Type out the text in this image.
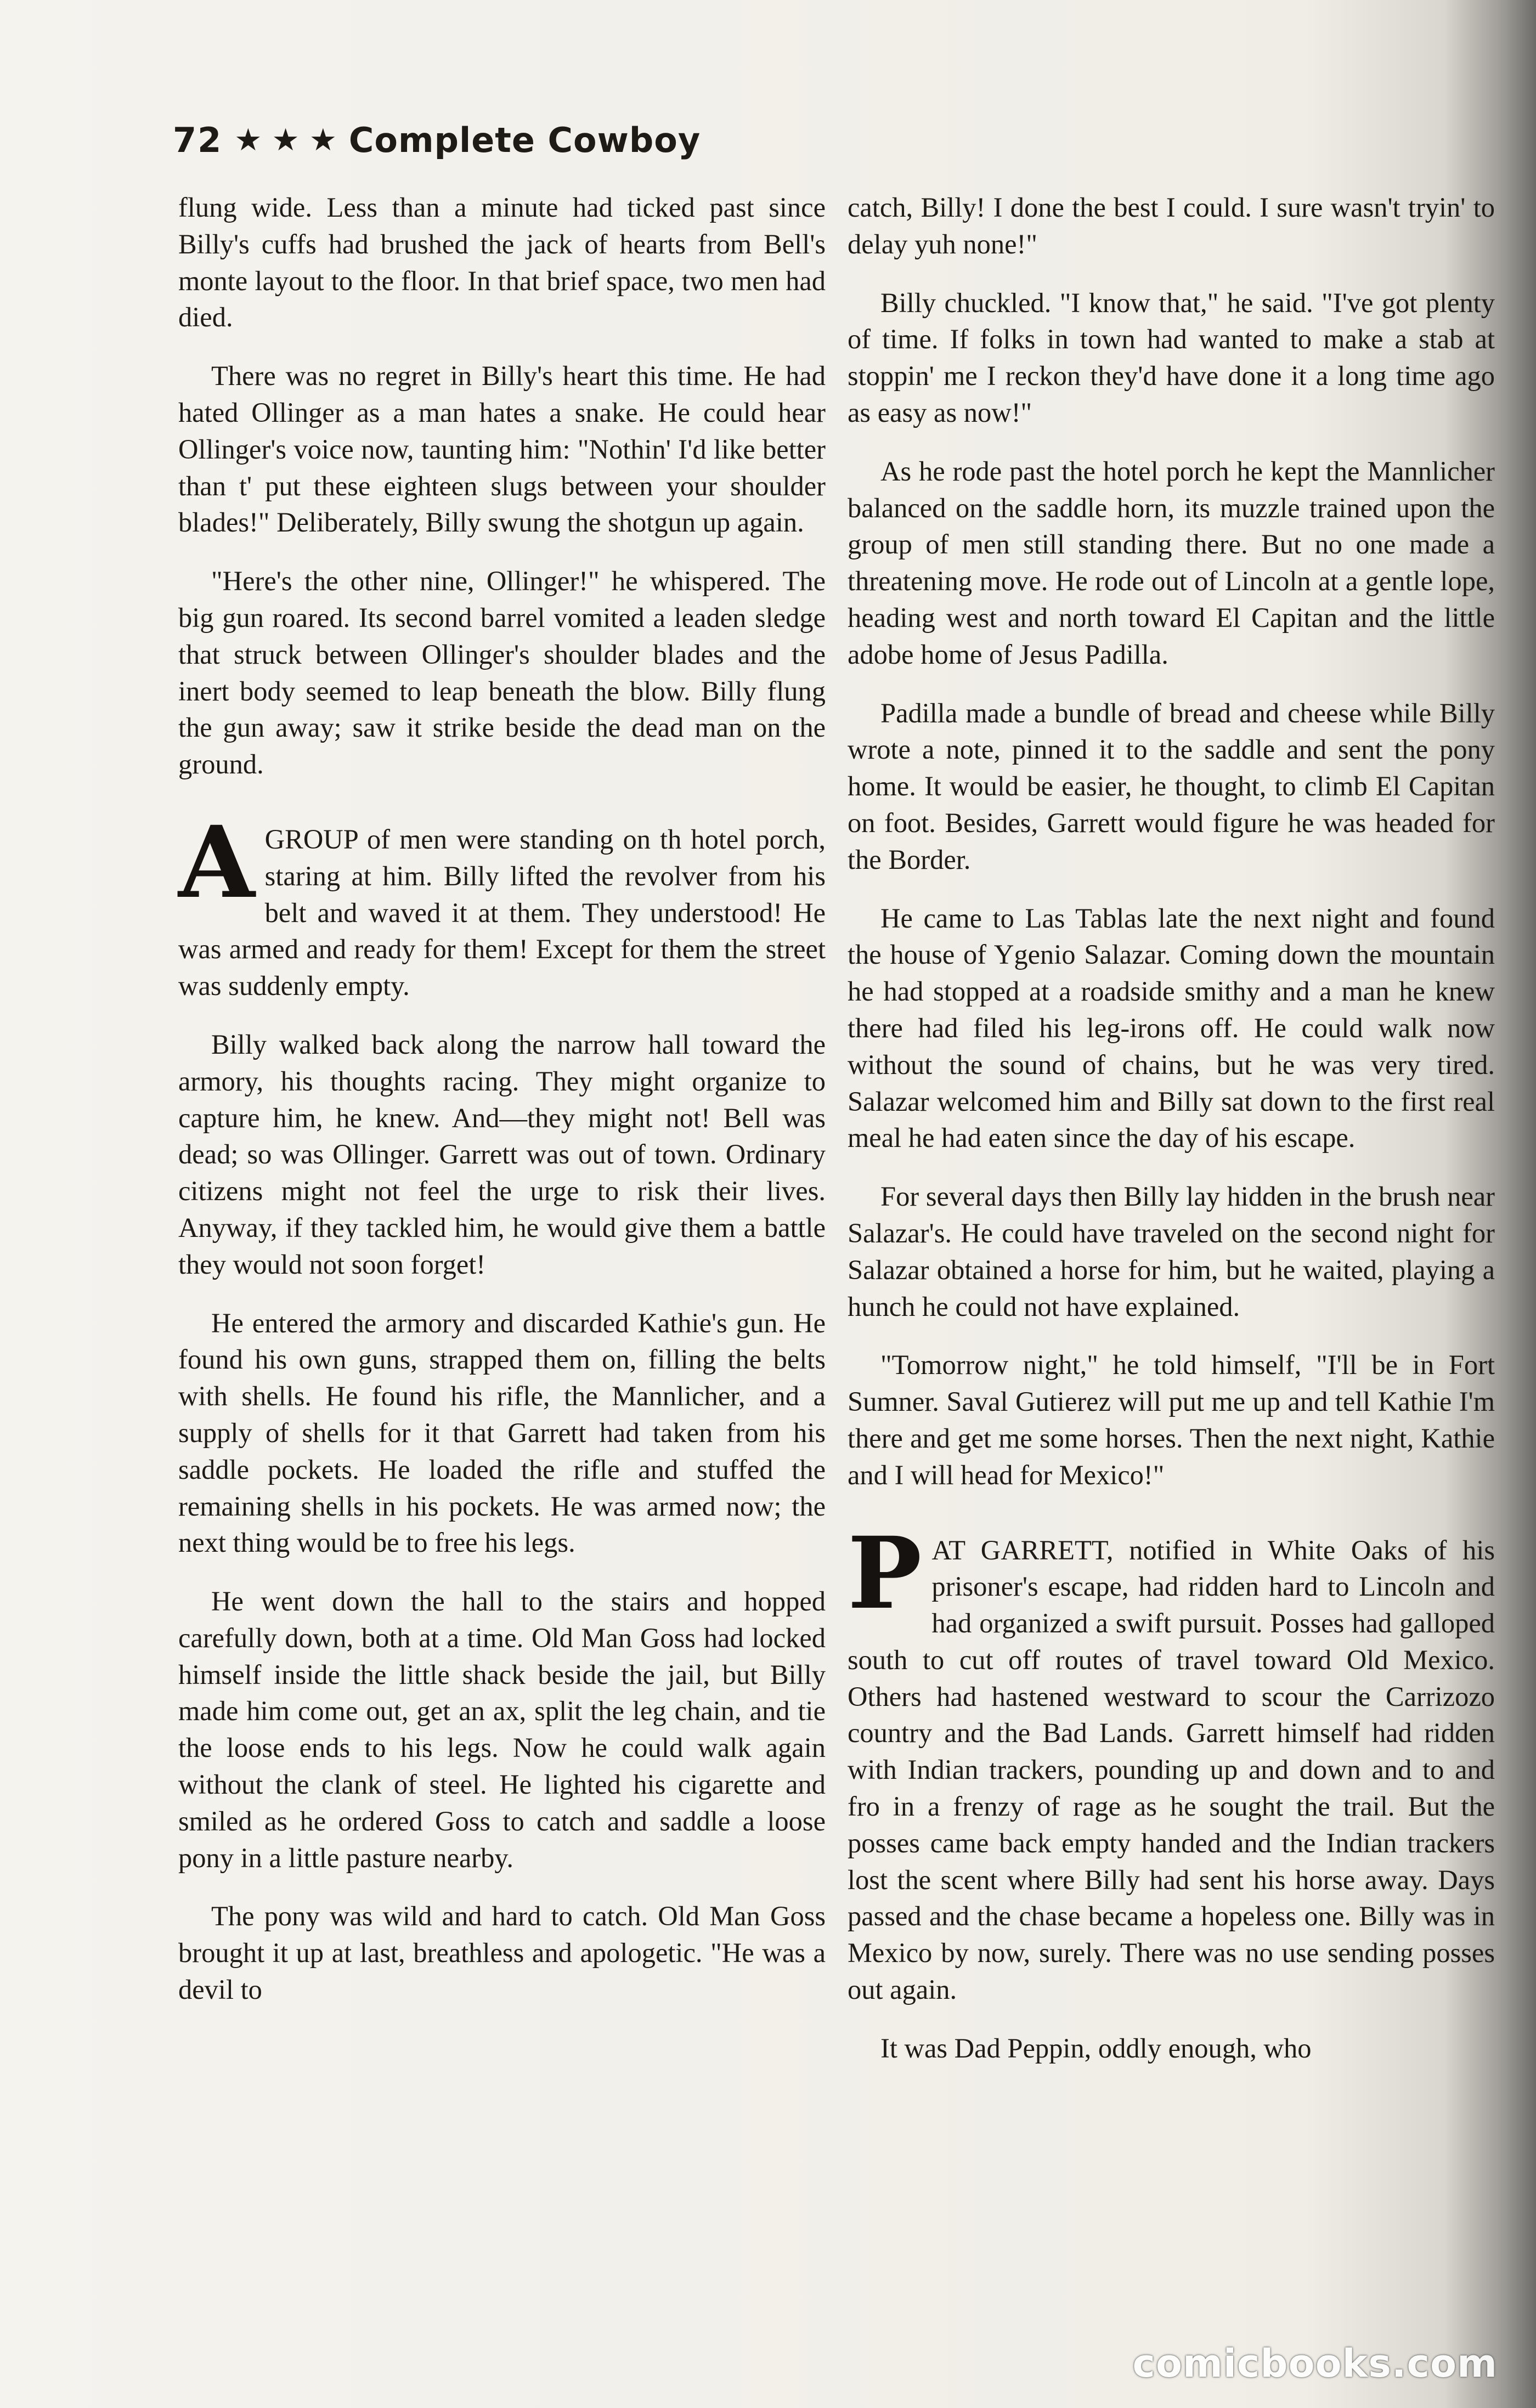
72 ★ ★ ★ Complete Cowboy

flung wide. Less than a minute had ticked past since Billy's cuffs had brushed the jack of hearts from Bell's monte layout to the floor. In that brief space, two men had died.

There was no regret in Billy's heart this time. He had hated Ollinger as a man hates a snake. He could hear Ollinger's voice now, taunting him: "Nothin' I'd like better than t' put these eighteen slugs between your shoulder blades!" Deliberately, Billy swung the shotgun up again.

"Here's the other nine, Ollinger!" he whispered. The big gun roared. Its second barrel vomited a leaden sledge that struck between Ollinger's shoulder blades and the inert body seemed to leap beneath the blow. Billy flung the gun away; saw it strike beside the dead man on the ground.

A GROUP of men were standing on th hotel porch, staring at him. Billy lifted the revolver from his belt and waved it at them. They understood! He was armed and ready for them! Except for them the street was suddenly empty.

Billy walked back along the narrow hall toward the armory, his thoughts racing. They might organize to capture him, he knew. And—they might not! Bell was dead; so was Ollinger. Garrett was out of town. Ordinary citizens might not feel the urge to risk their lives. Anyway, if they tackled him, he would give them a battle they would not soon forget!

He entered the armory and discarded Kathie's gun. He found his own guns, strapped them on, filling the belts with shells. He found his rifle, the Mannlicher, and a supply of shells for it that Garrett had taken from his saddle pockets. He loaded the rifle and stuffed the remaining shells in his pockets. He was armed now; the next thing would be to free his legs.

He went down the hall to the stairs and hopped carefully down, both at a time. Old Man Goss had locked himself inside the little shack beside the jail, but Billy made him come out, get an ax, split the leg chain, and tie the loose ends to his legs. Now he could walk again without the clank of steel. He lighted his cigarette and smiled as he ordered Goss to catch and saddle a loose pony in a little pasture nearby.

The pony was wild and hard to catch. Old Man Goss brought it up at last, breathless and apologetic. "He was a devil to

catch, Billy! I done the best I could. I sure wasn't tryin' to delay yuh none!"

Billy chuckled. "I know that," he said. "I've got plenty of time. If folks in town had wanted to make a stab at stoppin' me I reckon they'd have done it a long time ago as easy as now!"

As he rode past the hotel porch he kept the Mannlicher balanced on the saddle horn, its muzzle trained upon the group of men still standing there. But no one made a threatening move. He rode out of Lincoln at a gentle lope, heading west and north toward El Capitan and the little adobe home of Jesus Padilla.

Padilla made a bundle of bread and cheese while Billy wrote a note, pinned it to the saddle and sent the pony home. It would be easier, he thought, to climb El Capitan on foot. Besides, Garrett would figure he was headed for the Border.

He came to Las Tablas late the next night and found the house of Ygenio Salazar. Coming down the mountain he had stopped at a roadside smithy and a man he knew there had filed his leg-irons off. He could walk now without the sound of chains, but he was very tired. Salazar welcomed him and Billy sat down to the first real meal he had eaten since the day of his escape.

For several days then Billy lay hidden in the brush near Salazar's. He could have traveled on the second night for Salazar obtained a horse for him, but he waited, playing a hunch he could not have explained.

"Tomorrow night," he told himself, "I'll be in Fort Sumner. Saval Gutierez will put me up and tell Kathie I'm there and get me some horses. Then the next night, Kathie and I will head for Mexico!"

P AT GARRETT, notified in White Oaks of his prisoner's escape, had ridden hard to Lincoln and had organized a swift pursuit. Posses had galloped south to cut off routes of travel toward Old Mexico. Others had hastened westward to scour the Carrizozo country and the Bad Lands. Garrett himself had ridden with Indian trackers, pounding up and down and to and fro in a frenzy of rage as he sought the trail. But the posses came back empty handed and the Indian trackers lost the scent where Billy had sent his horse away. Days passed and the chase became a hopeless one. Billy was in Mexico by now, surely. There was no use sending posses out again.

It was Dad Peppin, oddly enough, who

comicbooks.com
